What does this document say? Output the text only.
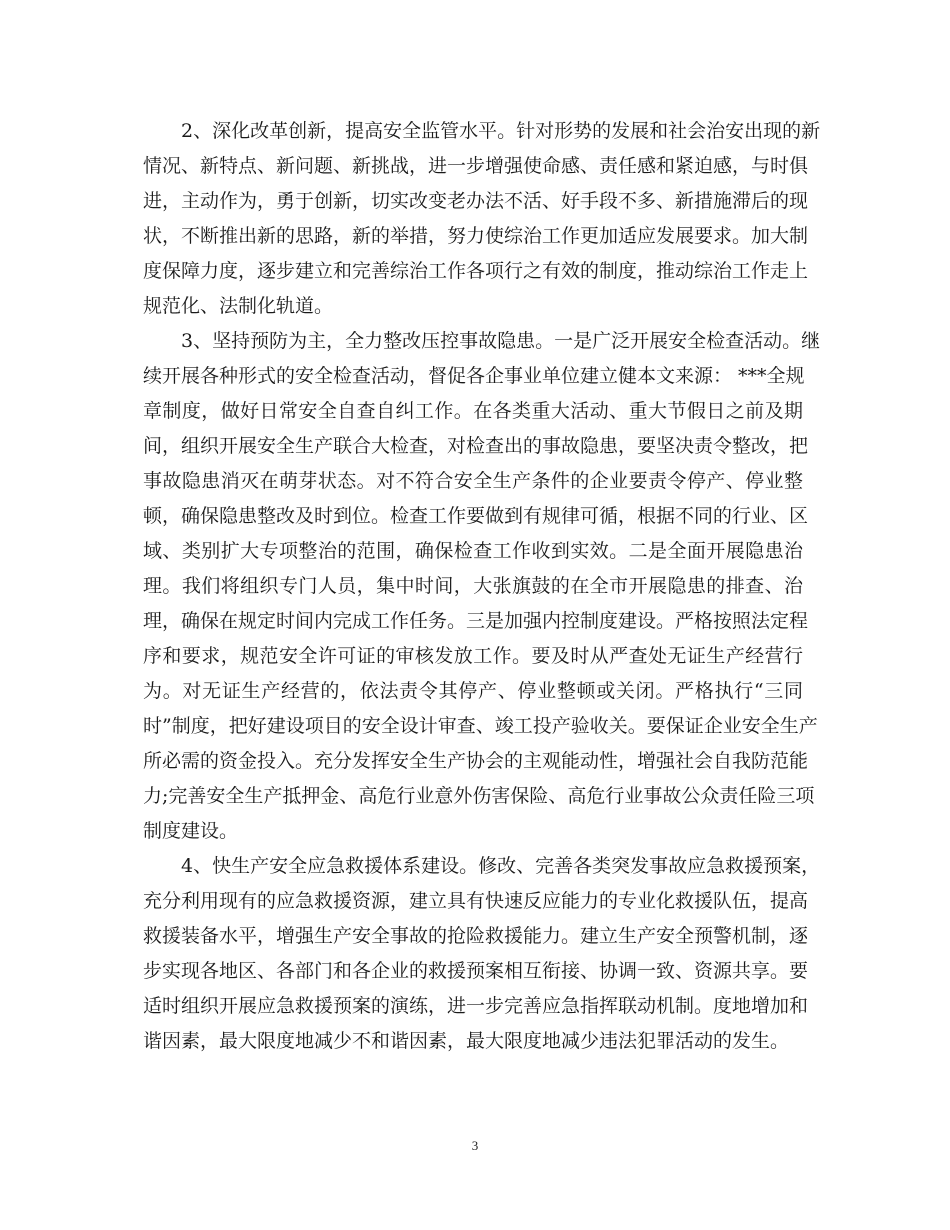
2、深化改革创新，提高安全监管水平。针对形势的发展和社会治安出现的新
情况、新特点、新问题、新挑战，进一步增强使命感、责任感和紧迫感，与时俱
进，主动作为，勇于创新，切实改变老办法不活、好手段不多、新措施滞后的现
状，不断推出新的思路，新的举措，努力使综治工作更加适应发展要求。加大制
度保障力度，逐步建立和完善综治工作各项行之有效的制度，推动综治工作走上
规范化、法制化轨道。
3、坚持预防为主，全力整改压控事故隐患。一是广泛开展安全检查活动。继
续开展各种形式的安全检查活动，督促各企事业单位建立健本文来源： ***全规
章制度，做好日常安全自查自纠工作。在各类重大活动、重大节假日之前及期
间，组织开展安全生产联合大检查，对检查出的事故隐患，要坚决责令整改，把
事故隐患消灭在萌芽状态。对不符合安全生产条件的企业要责令停产、停业整
顿，确保隐患整改及时到位。检查工作要做到有规律可循，根据不同的行业、区
域、类别扩大专项整治的范围，确保检查工作收到实效。二是全面开展隐患治
理。我们将组织专门人员，集中时间，大张旗鼓的在全市开展隐患的排查、治
理，确保在规定时间内完成工作任务。三是加强内控制度建设。严格按照法定程
序和要求，规范安全许可证的审核发放工作。要及时从严查处无证生产经营行
为。对无证生产经营的，依法责令其停产、停业整顿或关闭。严格执行“三同
时”制度，把好建设项目的安全设计审查、竣工投产验收关。要保证企业安全生产
所必需的资金投入。充分发挥安全生产协会的主观能动性，增强社会自我防范能
力;完善安全生产抵押金、高危行业意外伤害保险、高危行业事故公众责任险三项
制度建设。
4、快生产安全应急救援体系建设。修改、完善各类突发事故应急救援预案，
充分利用现有的应急救援资源，建立具有快速反应能力的专业化救援队伍，提高
救援装备水平，增强生产安全事故的抢险救援能力。建立生产安全预警机制，逐
步实现各地区、各部门和各企业的救援预案相互衔接、协调一致、资源共享。要
适时组织开展应急救援预案的演练，进一步完善应急指挥联动机制。度地增加和
谐因素，最大限度地减少不和谐因素，最大限度地减少违法犯罪活动的发生。
3
